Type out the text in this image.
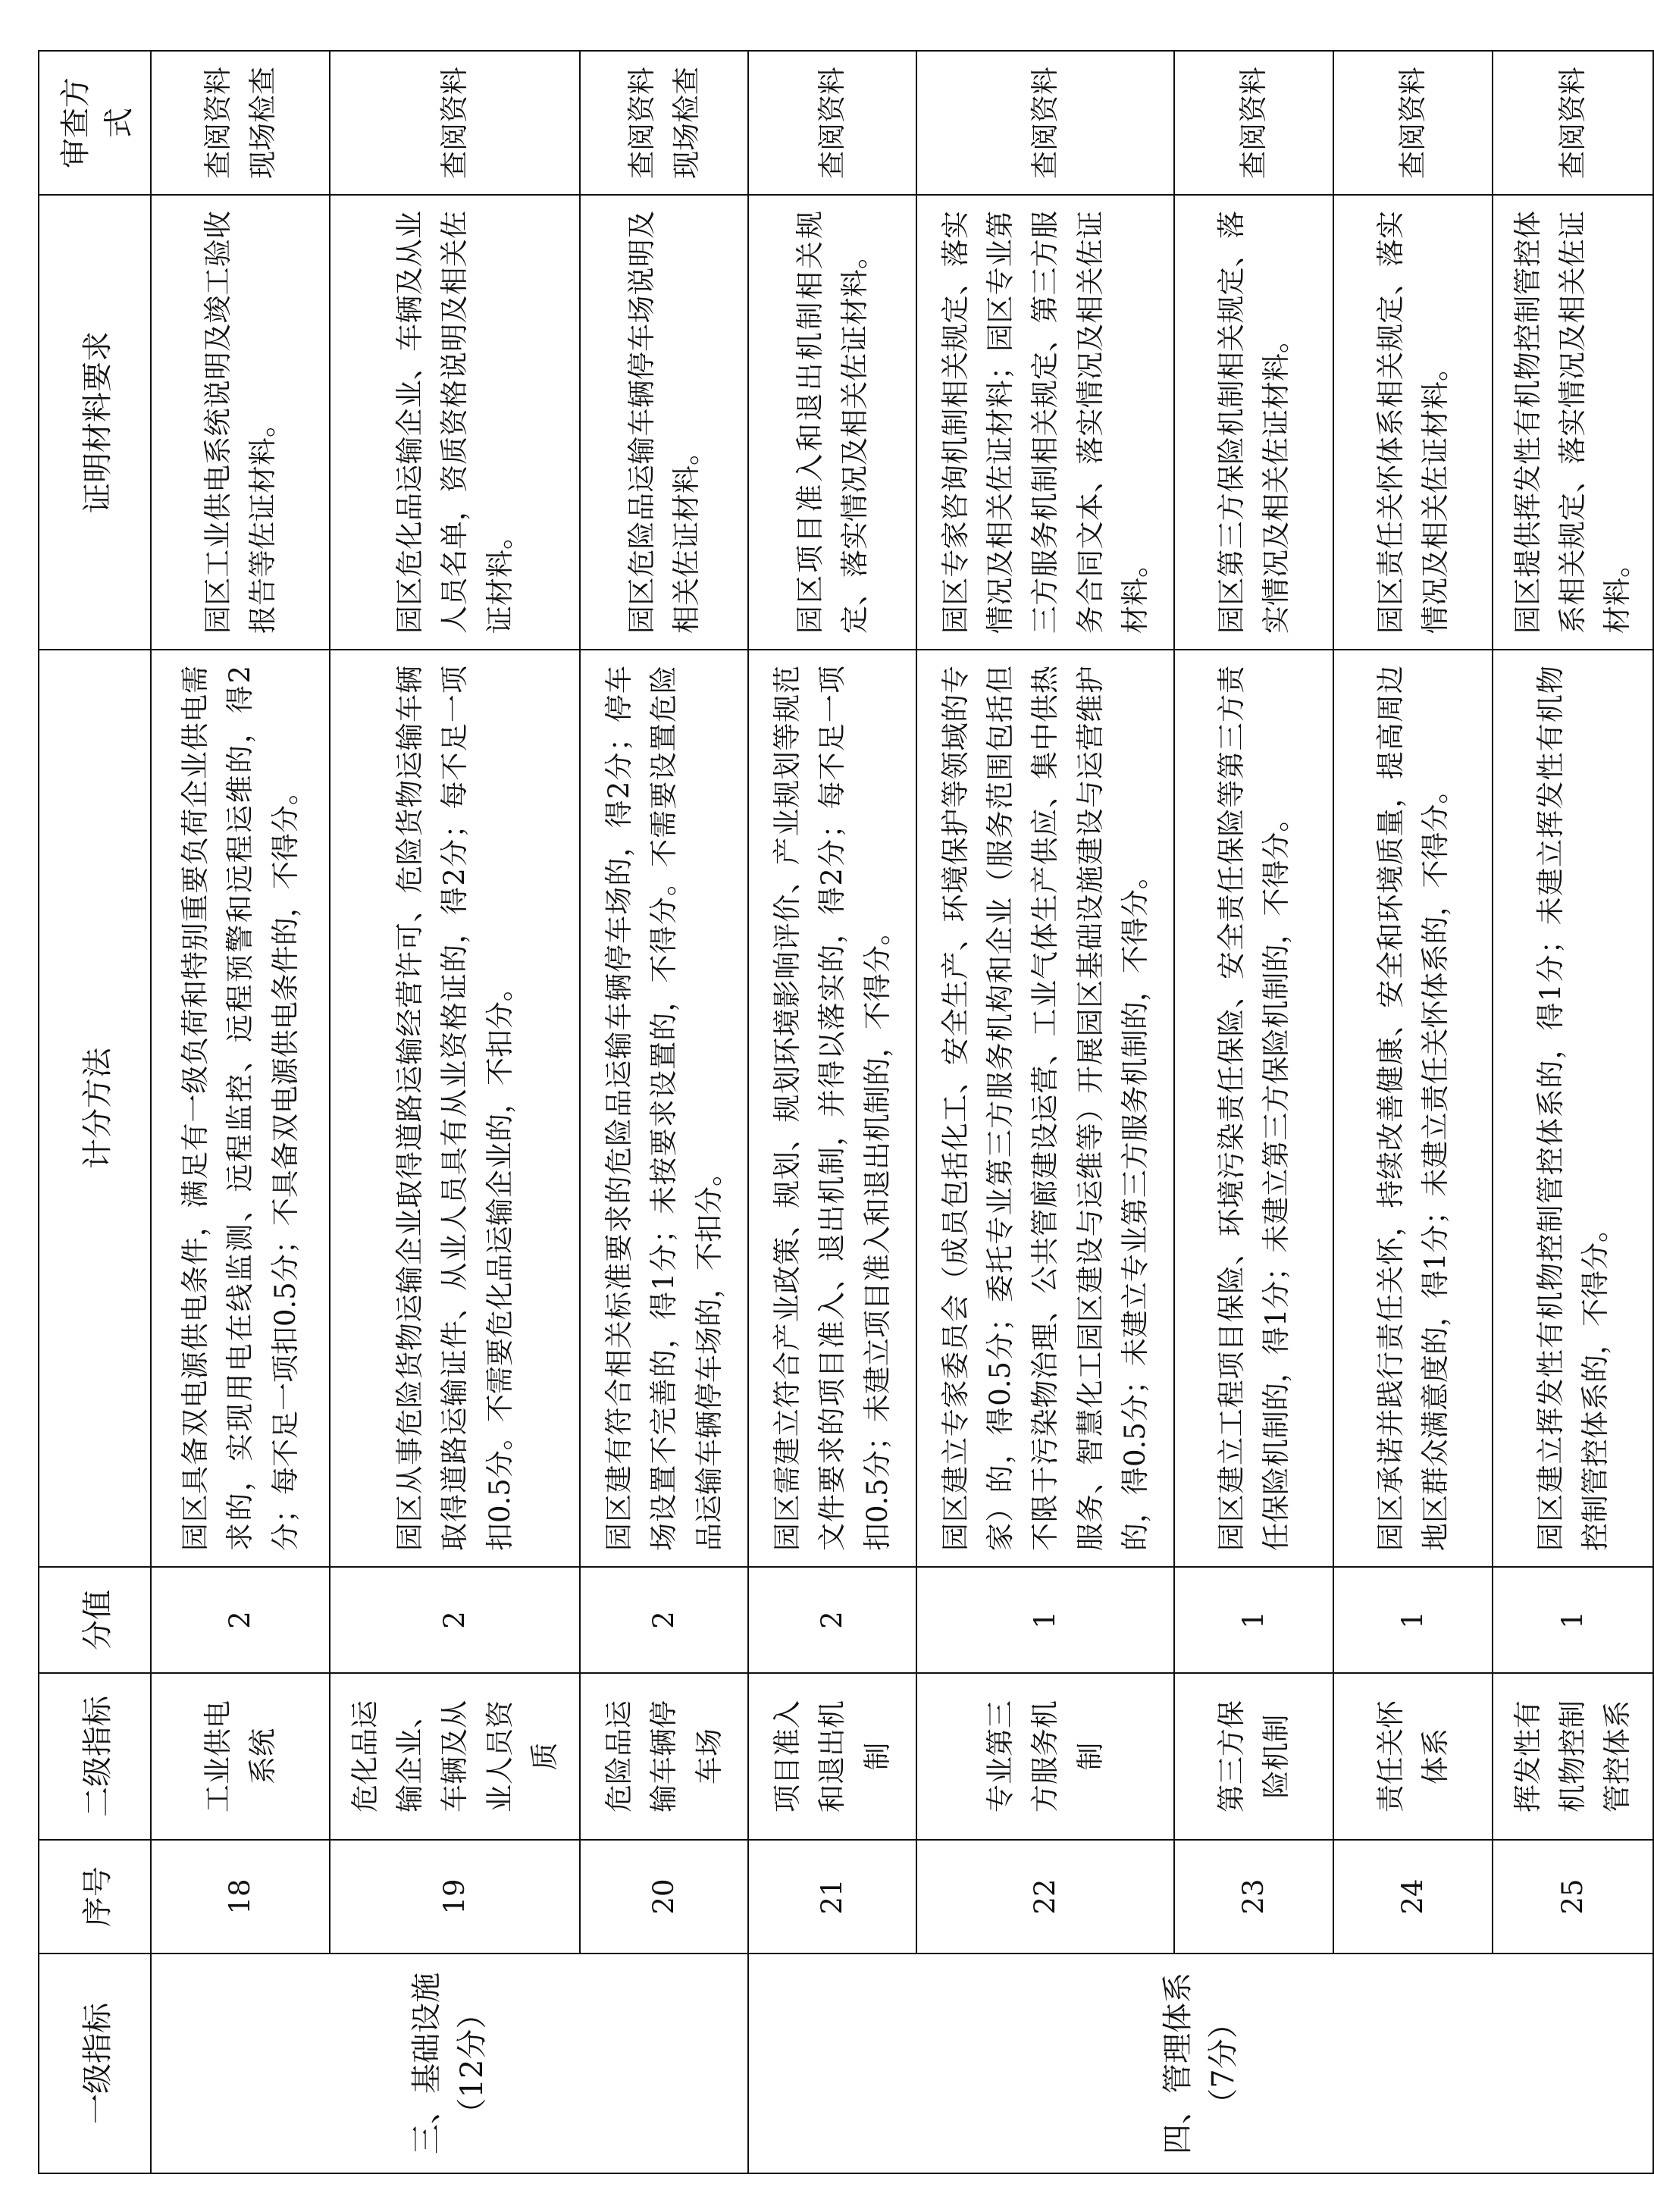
一级指标	序号	二级指标	分值	计分方法	证明材料要求	审查方式
三、基础设施（12分）	18	工业供电系统	2	园区具备双电源供电条件，满足有一级负荷和特别重要负荷企业供电需求的，实现用电在线监测、远程监控、远程预警和远程运维的，得2分；每不足一项扣0.5分；不具备双电源供电条件的，不得分。	园区工业供电系统说明及竣工验收报告等佐证材料。	查阅资料现场检查
	19	危化品运输企业、车辆及从业人员资质	2	园区从事危险货物运输企业取得道路运输经营许可、危险货物运输车辆取得道路运输证件、从业人员具有从业资格证的，得2分；每不足一项扣0.5分。不需要危化品运输企业的，不扣分。	园区危化品运输企业、车辆及从业人员名单，资质资格说明及相关佐证材料。	查阅资料
	20	危险品运输车辆停车场	2	园区建有符合相关标准要求的危险品运输车辆停车场的，得2分；停车场设置不完善的，得1分；未按要求设置的，不得分。不需要设置危险品运输车辆停车场的，不扣分。	园区危险品运输车辆停车场说明及相关佐证材料。	查阅资料现场检查
四、管理体系（7分）	21	项目准入和退出机制	2	园区需建立符合产业政策、规划、规划环境影响评价、产业规划等规范文件要求的项目准入、退出机制，并得以落实的，得2分；每不足一项扣0.5分；未建立项目准入和退出机制的，不得分。	园区项目准入和退出机制相关规定、落实情况及相关佐证材料。	查阅资料
	22	专业第三方服务机制	1	园区建立专家委员会（成员包括化工、安全生产、环境保护等领域的专家）的，得0.5分；委托专业第三方服务机构和企业（服务范围包括但不限于污染物治理、公共管廊建设运营、工业气体生产供应、集中供热服务、智慧化工园区建设与运维等）开展园区基础设施建设与运营维护的，得0.5分；未建立专业第三方服务机制的，不得分。	园区专家咨询机制相关规定、落实情况及相关佐证材料；园区专业第三方服务机制相关规定、第三方服务合同文本、落实情况及相关佐证材料。	查阅资料
	23	第三方保险机制	1	园区建立工程项目保险、环境污染责任保险、安全责任保险等第三方责任保险机制的，得1分；未建立第三方保险机制的，不得分。	园区第三方保险机制相关规定、落实情况及相关佐证材料。	查阅资料
	24	责任关怀体系	1	园区承诺并践行责任关怀，持续改善健康、安全和环境质量，提高周边地区群众满意度的，得1分；未建立责任关怀体系的，不得分。	园区责任关怀体系相关规定、落实情况及相关佐证材料。	查阅资料
	25	挥发性有机物控制管控体系	1	园区建立挥发性有机物控制管控体系的，得1分；未建立挥发性有机物控制管控体系的，不得分。	园区提供挥发性有机物控制管控体系相关规定、落实情况及相关佐证材料。	查阅资料
